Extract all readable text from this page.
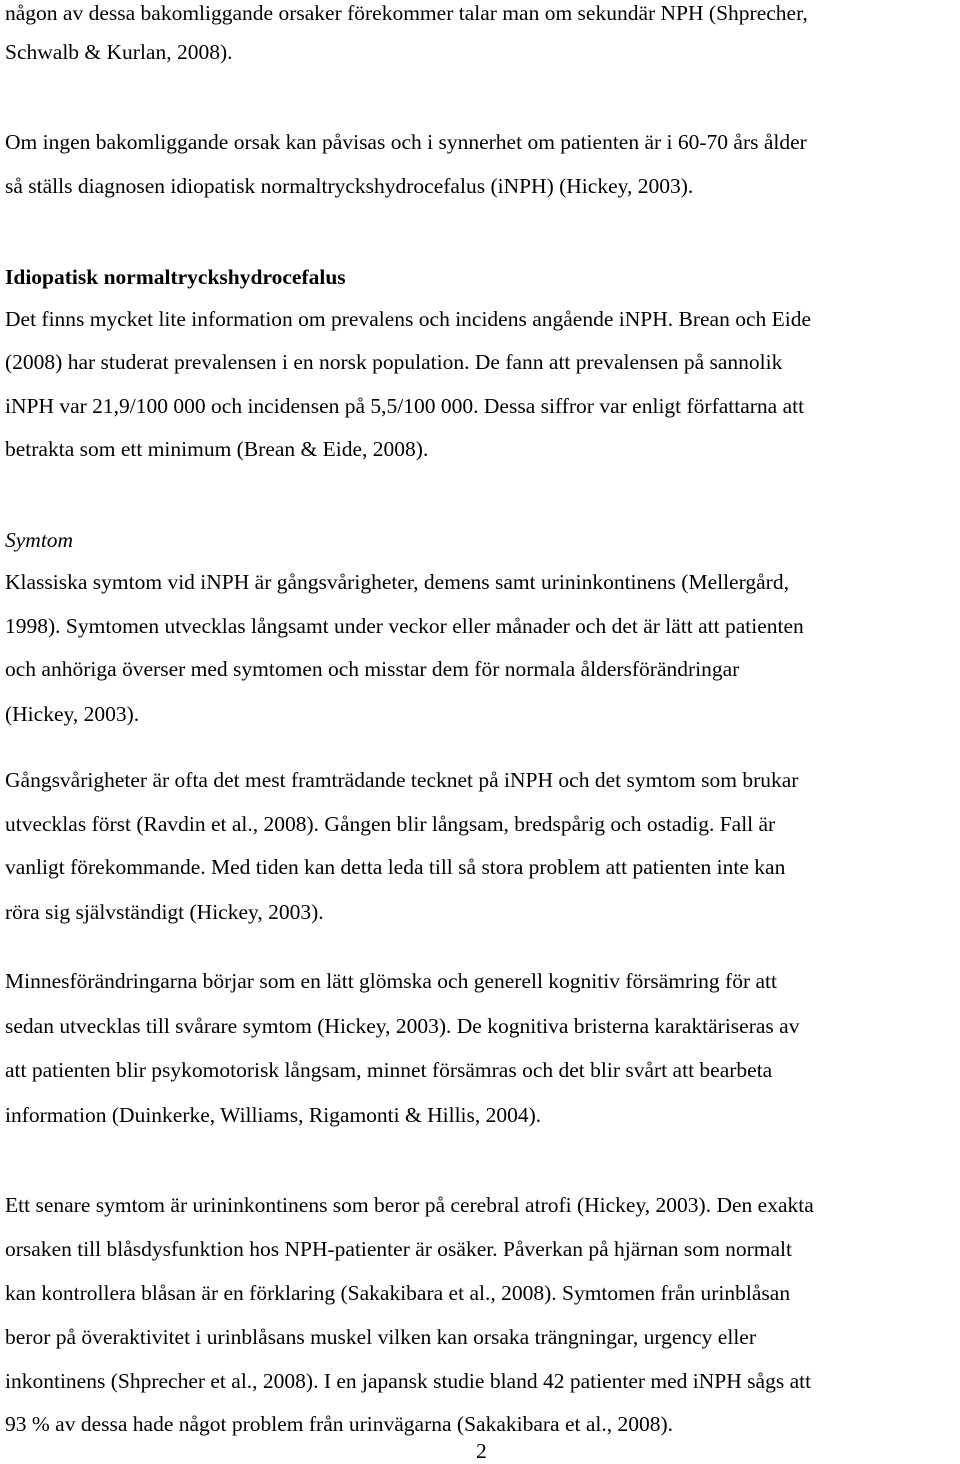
någon av dessa bakomliggande orsaker förekommer talar man om sekundär NPH (Shprecher,
Schwalb & Kurlan, 2008).
Om ingen bakomliggande orsak kan påvisas och i synnerhet om patienten är i 60-70 års ålder
så ställs diagnosen idiopatisk normaltryckshydrocefalus (iNPH) (Hickey, 2003).
Idiopatisk normaltryckshydrocefalus
Det finns mycket lite information om prevalens och incidens angående iNPH. Brean och Eide
(2008) har studerat prevalensen i en norsk population. De fann att prevalensen på sannolik
iNPH var 21,9/100 000 och incidensen på 5,5/100 000. Dessa siffror var enligt författarna att
betrakta som ett minimum (Brean & Eide, 2008).
Symtom
Klassiska symtom vid iNPH är gångsvårigheter, demens samt urininkontinens (Mellergård,
1998). Symtomen utvecklas långsamt under veckor eller månader och det är lätt att patienten
och anhöriga överser med symtomen och misstar dem för normala åldersförändringar
(Hickey, 2003).
Gångsvårigheter är ofta det mest framträdande tecknet på iNPH och det symtom som brukar
utvecklas först (Ravdin et al., 2008). Gången blir långsam, bredspårig och ostadig. Fall är
vanligt förekommande. Med tiden kan detta leda till så stora problem att patienten inte kan
röra sig självständigt (Hickey, 2003).
Minnesförändringarna börjar som en lätt glömska och generell kognitiv försämring för att
sedan utvecklas till svårare symtom (Hickey, 2003). De kognitiva bristerna karaktäriseras av
att patienten blir psykomotorisk långsam, minnet försämras och det blir svårt att bearbeta
information (Duinkerke, Williams, Rigamonti & Hillis, 2004).
Ett senare symtom är urininkontinens som beror på cerebral atrofi (Hickey, 2003). Den exakta
orsaken till blåsdysfunktion hos NPH-patienter är osäker. Påverkan på hjärnan som normalt
kan kontrollera blåsan är en förklaring (Sakakibara et al., 2008). Symtomen från urinblåsan
beror på överaktivitet i urinblåsans muskel vilken kan orsaka trängningar, urgency eller
inkontinens (Shprecher et al., 2008). I en japansk studie bland 42 patienter med iNPH sågs att
93 % av dessa hade något problem från urinvägarna (Sakakibara et al., 2008).
2
